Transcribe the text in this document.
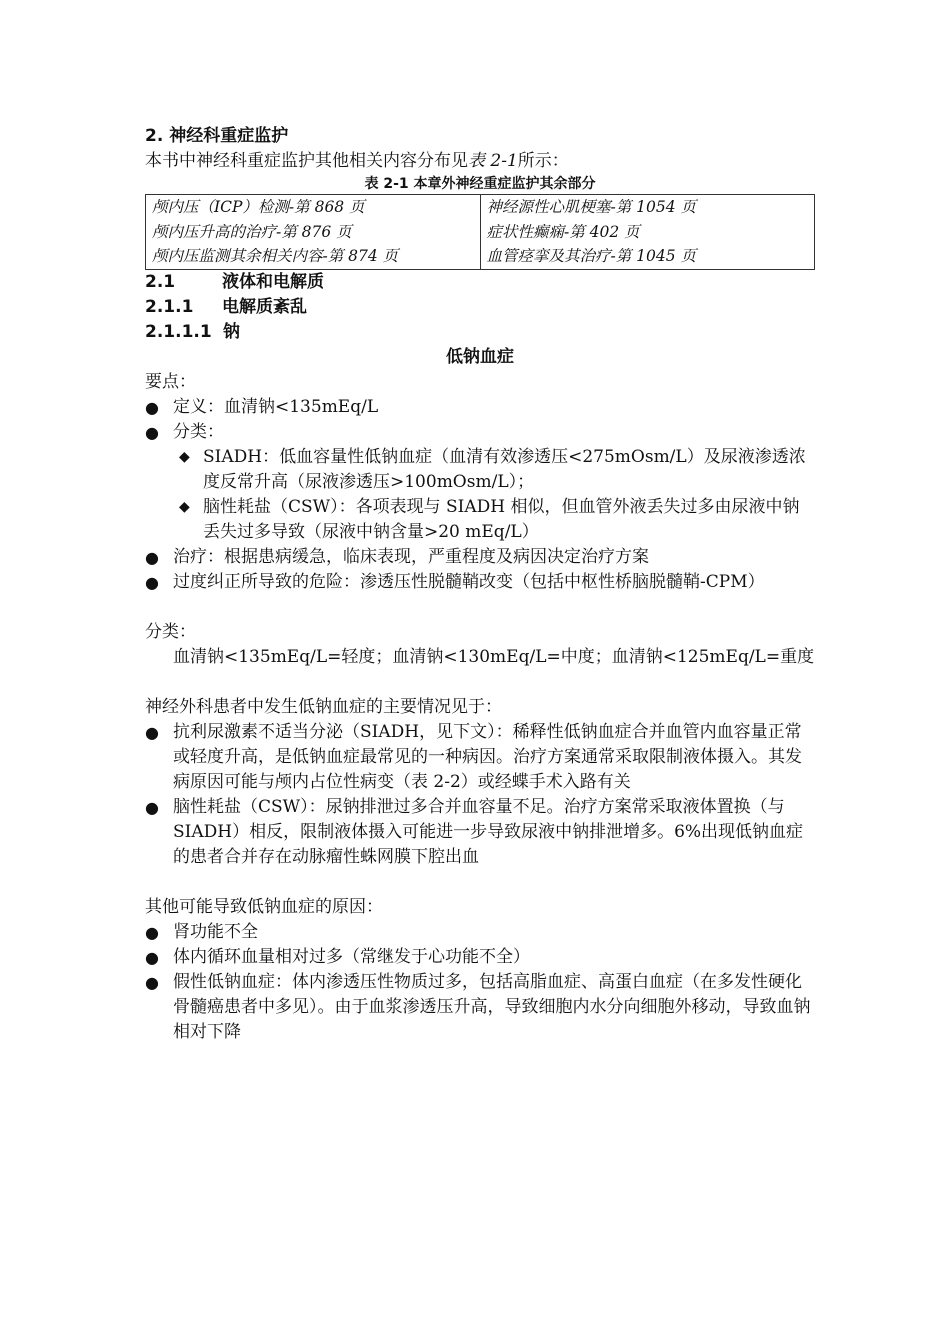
2. 神经科重症监护
本书中神经科重症监护其他相关内容分布见表 2-1所示：
表 2-1 本章外神经重症监护其余部分
颅内压（ICP）检测-第 868 页	神经源性心肌梗塞-第 1054 页
颅内压升高的治疗-第 876 页	症状性癫痫-第 402 页
颅内压监测其余相关内容-第 874 页	血管痉挛及其治疗-第 1045 页
2.1	液体和电解质
2.1.1 电解质紊乱
2.1.1.1 钠
低钠血症
要点：
● 定义：血清钠<135mEq/L
● 分类：
◆ SIADH：低血容量性低钠血症（血清有效渗透压<275mOsm/L）及尿液渗透浓度反常升高（尿液渗透压>100mOsm/L）；
◆ 脑性耗盐（CSW）：各项表现与 SIADH 相似，但血管外液丢失过多由尿液中钠丢失过多导致（尿液中钠含量>20 mEq/L）
● 治疗：根据患病缓急，临床表现，严重程度及病因决定治疗方案
● 过度纠正所导致的危险：渗透压性脱髓鞘改变（包括中枢性桥脑脱髓鞘-CPM）
分类：
血清钠<135mEq/L=轻度；血清钠<130mEq/L=中度；血清钠<125mEq/L=重度
神经外科患者中发生低钠血症的主要情况见于：
● 抗利尿激素不适当分泌（SIADH，见下文）：稀释性低钠血症合并血管内血容量正常或轻度升高，是低钠血症最常见的一种病因。治疗方案通常采取限制液体摄入。其发病原因可能与颅内占位性病变（表 2-2）或经蝶手术入路有关
● 脑性耗盐（CSW）：尿钠排泄过多合并血容量不足。治疗方案常采取液体置换（与 SIADH）相反，限制液体摄入可能进一步导致尿液中钠排泄增多。6%出现低钠血症的患者合并存在动脉瘤性蛛网膜下腔出血
其他可能导致低钠血症的原因：
● 肾功能不全
● 体内循环血量相对过多（常继发于心功能不全）
● 假性低钠血症：体内渗透压性物质过多，包括高脂血症、高蛋白血症（在多发性硬化骨髓癌患者中多见）。由于血浆渗透压升高，导致细胞内水分向细胞外移动，导致血钠相对下降
